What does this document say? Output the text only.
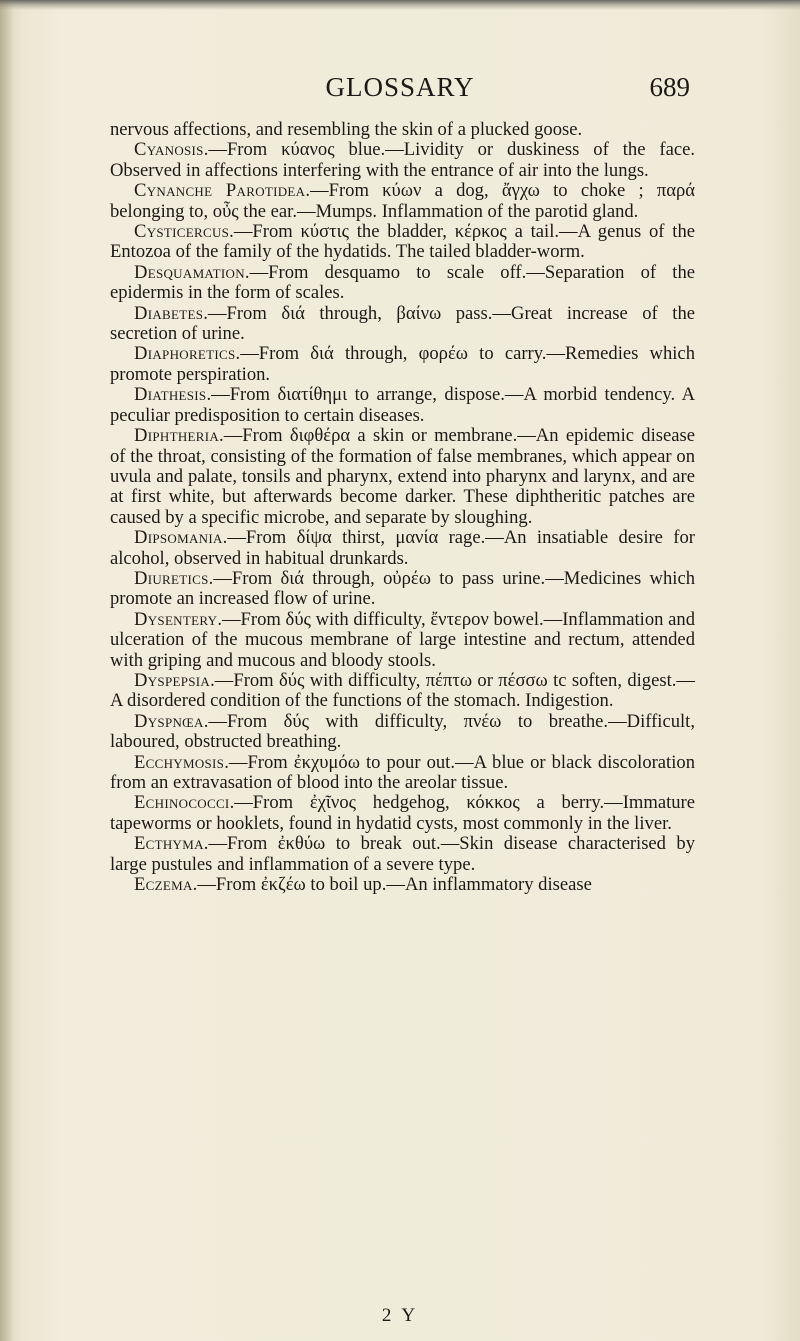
GLOSSARY	689

nervous affections, and resembling the skin of a plucked goose.

Cyanosis.—From κύανος blue.—Lividity or duskiness of the face. Observed in affections interfering with the entrance of air into the lungs.

Cynanche Parotidea.—From κύων a dog, ἄγχω to choke ; παρά belonging to, οὖς the ear.—Mumps. Inflammation of the parotid gland.

Cysticercus.—From κύστις the bladder, κέρκος a tail.—A genus of the Entozoa of the family of the hydatids. The tailed bladder-worm.

Desquamation.—From desquamo to scale off.—Separation of the epidermis in the form of scales.

Diabetes.—From διά through, βαίνω pass.—Great increase of the secretion of urine.

Diaphoretics.—From διά through, φορέω to carry.—Remedies which promote perspiration.

Diathesis.—From διατίθημι to arrange, dispose.—A morbid tendency. A peculiar predisposition to certain diseases.

Diphtheria.—From διφθέρα a skin or membrane.—An epidemic disease of the throat, consisting of the formation of false membranes, which appear on uvula and palate, tonsils and pharynx, extend into pharynx and larynx, and are at first white, but afterwards become darker. These diphtheritic patches are caused by a specific microbe, and separate by sloughing.

Dipsomania.—From δίψα thirst, μανία rage.—An insatiable desire for alcohol, observed in habitual drunkards.

Diuretics.—From διά through, οὐρέω to pass urine.—Medicines which promote an increased flow of urine.

Dysentery.—From δύς with difficulty, ἔντερον bowel.—Inflammation and ulceration of the mucous membrane of large intestine and rectum, attended with griping and mucous and bloody stools.

Dyspepsia.—From δύς with difficulty, πέπτω or πέσσω tc soften, digest.—A disordered condition of the functions of the stomach. Indigestion.

Dyspnœa.—From δύς with difficulty, πνέω to breathe.—Difficult, laboured, obstructed breathing.

Ecchymosis.—From ἐκχυμόω to pour out.—A blue or black discoloration from an extravasation of blood into the areolar tissue.

Echinococci.—From ἐχῖνος hedgehog, κόκκος a berry.—Immature tapeworms or hooklets, found in hydatid cysts, most commonly in the liver.

Ecthyma.—From ἐκθύω to break out.—Skin disease characterised by large pustules and inflammation of a severe type.

Eczema.—From ἐκζέω to boil up.—An inflammatory disease

2 Y
